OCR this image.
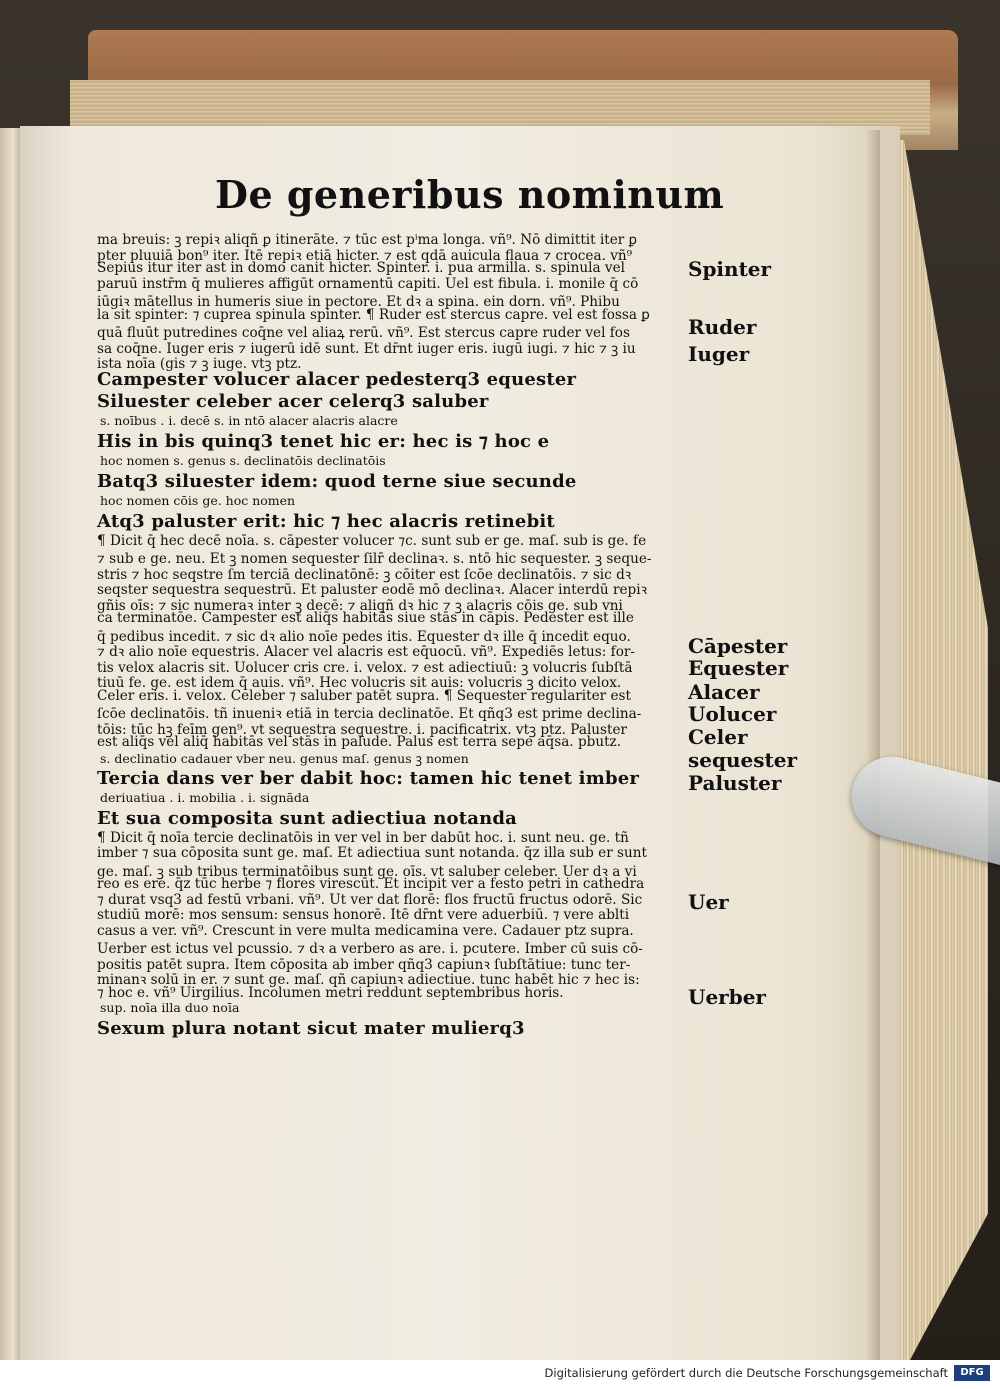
De generibus nominum
ma breuis: ꝫ repiꝛ aliqñ ꝑ itinerāte. ⁊ tūc est pⁱma longa. vñ⁹. Nō dimittit iter ꝑ
pter pluuiā bon⁹ iter. Itē repiꝛ etiā hicter. ⁊ est qdā auicula flaua ⁊ crocea. vñ⁹
Sepius itur iter ast in domo canit hicter. Spinter. i. pua armilla. s. spinula vel
paruū instr̄m q̄ mulieres affigūt ornamentū capiti. Uel est fibula. i. monile q̄ cō
iūgiꝛ mātellus in humeris siue in pectore. Et dꝛ a spina. ein dorn. vñ⁹. Phibu
la sit spinter: ⁊ cuprea spinula spinter. ¶ Ruder est stercus capre. vel est fossa ꝑ
quā fluūt putredines coq̄ne vel aliaꝝ rerū. vñ⁹. Est stercus capre ruder vel fos
sa coq̄ne. Iuger eris ⁊ iugerū idē sunt. Et dr̄nt iuger eris. iugū iugi. ⁊ hic ⁊ ꝫ iu
ista noīa (gis ⁊ ꝫ iuge. vtꝫ ptz.
Campester volucer alacer pedesterq3 equester
Siluester celeber acer celerq3 saluber
s. noībus . i. decē s. in ntō alacer alacris alacre
His in bis quinq3 tenet hic er: hec is ⁊ hoc e
hoc nomen s. genus s. declinatōis declinatōis
Batq3 siluester idem: quod terne siue secunde
hoc nomen cōis ge. hoc nomen
Atq3 paluster erit: hic ⁊ hec alacris retinebit
¶ Dicit q̄ hec decē noīa. s. cāpester volucer ⁊c. sunt sub er ge. maſ. sub is ge. fe
⁊ sub e ge. neu. Et ꝫ nomen sequester ſilr̄ declinaꝛ. s. ntō hic sequester. ꝫ seque-
stris ⁊ hoc seqstre ſm terciā declinatōnē: ꝫ cōiter est ſcōe declinatōis. ⁊ sic dꝛ
seqster sequestra sequestrū. Et paluster eodē mō declinaꝛ. Alacer interdū repiꝛ
gñis oīs: ⁊ sic numeraꝛ inter ꝫ decē: ⁊ aliqñ dꝛ hic ⁊ ꝫ alacris cōis ge. sub vni
ca terminatōe. Campester est aliq̄s habitās siue stās in cāpis. Pedester est ille
q̄ pedibus incedit. ⁊ sic dꝛ alio noīe pedes itis. Equester dꝛ ille q̄ incedit equo.
⁊ dꝛ alio noīe equestris. Alacer vel alacris est eq̄uocū. vñ⁹. Expediēs letus: for-
tis velox alacris sit. Uolucer cris cre. i. velox. ⁊ est adiectiuū: ꝫ volucris ſubſtā
tiuū fe. ge. est idem q̄ auis. vñ⁹. Hec volucris sit auis: volucris ꝫ dicito velox.
Celer eris. i. velox. Celeber ⁊ saluber patēt supra. ¶ Sequester regulariter est
ſcōe declinatōis. tñ inueniꝛ etiā in tercia declinatōe. Et qñq3 est prime declina-
tōis: tūc hꝫ feīm gen⁹. vt sequestra sequestre. i. pacificatrix. vtꝫ ptz. Paluster
est aliq̄s vel aliq̄ habitās vel stās in palude. Palus est terra sepe aq̄sa. pbutz.
s. declinatio cadauer vber neu. genus maſ. genus ꝫ nomen
Tercia dans ver ber dabit hoc: tamen hic tenet imber
deriuatiua . i. mobilia . i. signāda
Et sua composita sunt adiectiua notanda
¶ Dicit q̄ noīa tercie declinatōis in ver vel in ber dabūt hoc. i. sunt neu. ge. tñ
imber ⁊ sua cōposita sunt ge. maſ. Et adiectiua sunt notanda. q̄z illa sub er sunt
ge. maſ. ꝫ sub tribus terminatōibus sunt ge. oīs. vt saluber celeber. Uer dꝛ a vi
reo es ere. q̄z tūc herbe ⁊ flores virescūt. Et incipit ver a festo petri in cathedra
⁊ durat vsq3 ad festū vrbani. vñ⁹. Ut ver dat florē: flos fructū fructus odorē. Sic
studiū morē: mos sensum: sensus honorē. Itē dr̄nt vere aduerbiū. ⁊ vere ablti
casus a ver. vñ⁹. Crescunt in vere multa medicamina vere. Cadauer ptz supra.
Uerber est ictus vel pcussio. ⁊ dꝛ a verbero as are. i. pcutere. Imber cū suis cō-
positis patēt supra. Item cōposita ab imber qñq3 capiunꝛ ſubſtātiue: tunc ter-
minanꝛ solū in er. ⁊ sunt ge. maſ. qñ capiunꝛ adiectiue. tunc habēt hic ⁊ hec is:
⁊ hoc e. vñ⁹ Uirgilius. Incolumen metri reddunt septembribus horis.
sup. noīa illa duo noīa
Sexum plura notant sicut mater mulierq3
Spinter
Ruder
Iuger
Cāpester
Equester
Alacer
Uolucer
Celer
sequester
Paluster
Uer
Uerber
Digitalisierung gefördert durch die Deutsche Forschungsgemeinschaft	DFG
